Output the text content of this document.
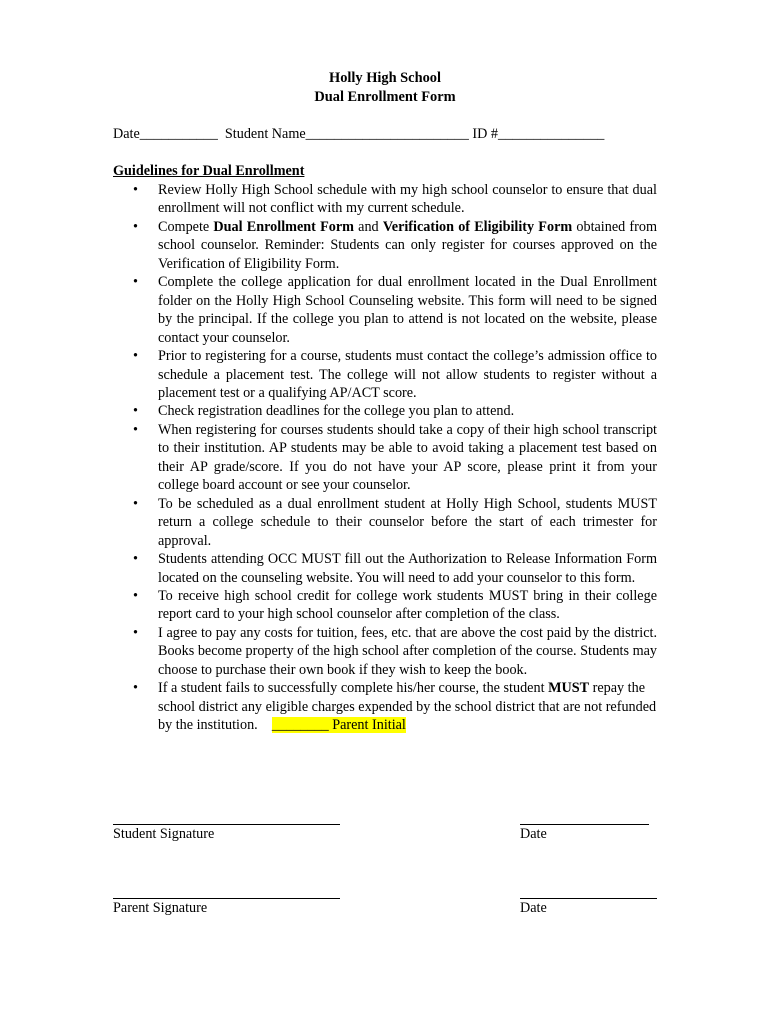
Holly High School
Dual Enrollment Form
Date___________  Student Name_______________________ ID #_______________
Guidelines for Dual Enrollment
• Review Holly High School schedule with my high school counselor to ensure that dual enrollment will not conflict with my current schedule.
• Compete Dual Enrollment Form and Verification of Eligibility Form obtained from school counselor. Reminder: Students can only register for courses approved on the Verification of Eligibility Form.
• Complete the college application for dual enrollment located in the Dual Enrollment folder on the Holly High School Counseling website. This form will need to be signed by the principal. If the college you plan to attend is not located on the website, please contact your counselor.
• Prior to registering for a course, students must contact the college’s admission office to schedule a placement test. The college will not allow students to register without a placement test or a qualifying AP/ACT score.
• Check registration deadlines for the college you plan to attend.
• When registering for courses students should take a copy of their high school transcript to their institution. AP students may be able to avoid taking a placement test based on their AP grade/score. If you do not have your AP score, please print it from your college board account or see your counselor.
• To be scheduled as a dual enrollment student at Holly High School, students MUST return a college schedule to their counselor before the start of each trimester for approval.
• Students attending OCC MUST fill out the Authorization to Release Information Form located on the counseling website. You will need to add your counselor to this form.
• To receive high school credit for college work students MUST bring in their college report card to your high school counselor after completion of the class.
• I agree to pay any costs for tuition, fees, etc. that are above the cost paid by the district. Books become property of the high school after completion of the course. Students may choose to purchase their own book if they wish to keep the book.
• If a student fails to successfully complete his/her course, the student MUST repay the school district any eligible charges expended by the school district that are not refunded by the institution.    ________ Parent Initial
Student Signature	Date
Parent Signature	Date
